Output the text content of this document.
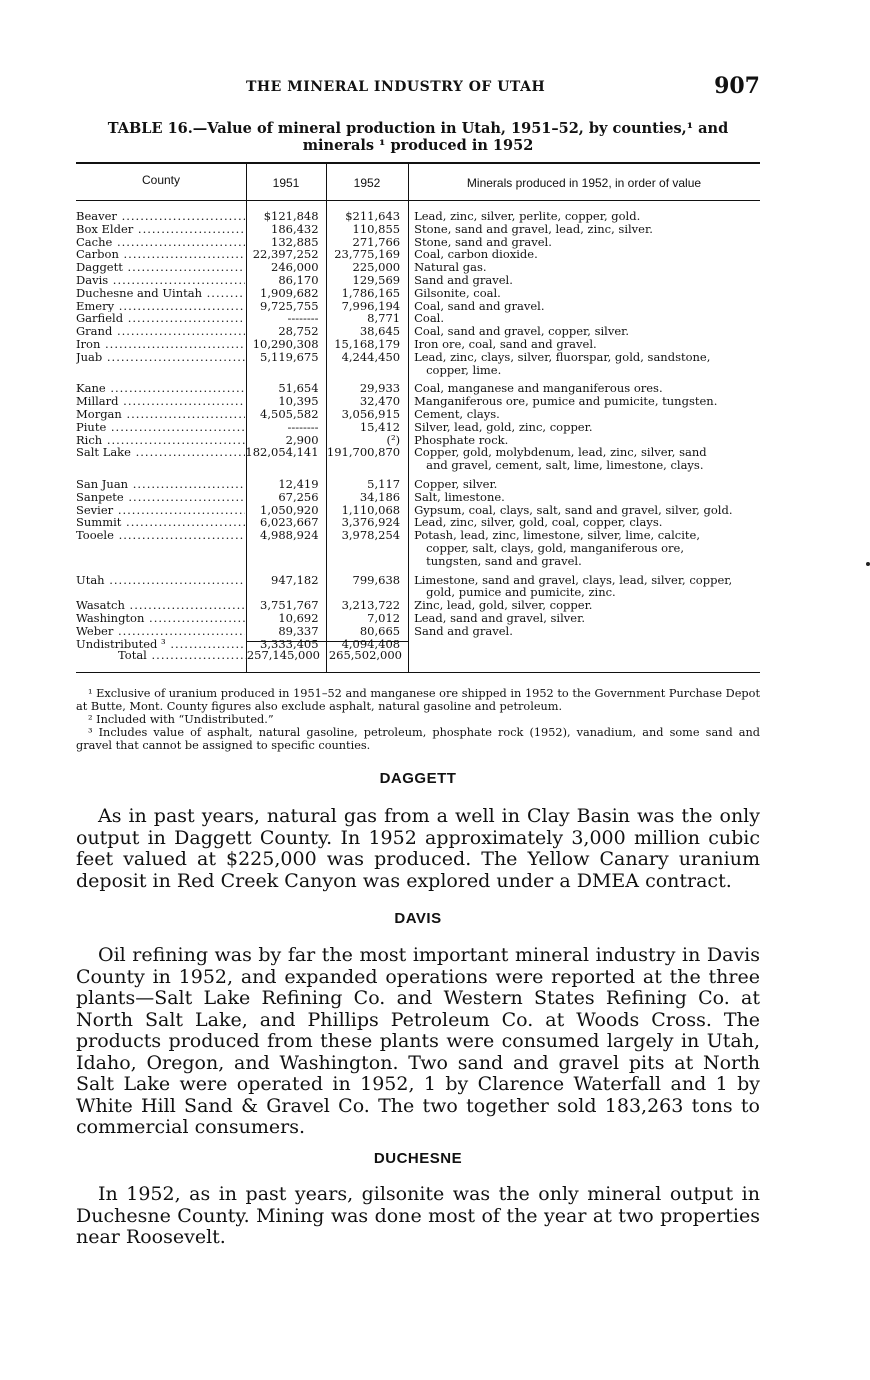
THE MINERAL INDUSTRY OF UTAH	907
TABLE 16.—Value of mineral production in Utah, 1951–52, by counties,¹ and
minerals ¹ produced in 1952
County	1951	1952	Minerals produced in 1952, in order of value
Beaver .....	$121,848	$211,643	Lead, zinc, silver, perlite, copper, gold.
Box Elder .....	186,432	110,855	Stone, sand and gravel, lead, zinc, silver.
Cache .....	132,885	271,766	Stone, sand and gravel.
Carbon .....	22,397,252	23,775,169	Coal, carbon dioxide.
Daggett .....	246,000	225,000	Natural gas.
Davis .....	86,170	129,569	Sand and gravel.
Duchesne and Uintah .....	1,909,682	1,786,165	Gilsonite, coal.
Emery .....	9,725,755	7,996,194	Coal, sand and gravel.
Garfield .....	--------	8,771	Coal.
Grand .....	28,752	38,645	Coal, sand and gravel, copper, silver.
Iron .....	10,290,308	15,168,179	Iron ore, coal, sand and gravel.
Juab .....	5,119,675	4,244,450	Lead, zinc, clays, silver, fluorspar, gold, sandstone,
copper, lime.
Kane .....	51,654	29,933	Coal, manganese and manganiferous ores.
Millard .....	10,395	32,470	Manganiferous ore, pumice and pumicite, tungsten.
Morgan .....	4,505,582	3,056,915	Cement, clays.
Piute .....	--------	15,412	Silver, lead, gold, zinc, copper.
Rich .....	2,900	(²)	Phosphate rock.
Salt Lake .....	182,054,141 191,700,870	Copper, gold, molybdenum, lead, zinc, silver, sand
and gravel, cement, salt, lime, limestone, clays.
San Juan .....	12,419	5,117	Copper, silver.
Sanpete .....	67,256	34,186	Salt, limestone.
Sevier .....	1,050,920	1,110,068	Gypsum, coal, clays, salt, sand and gravel, silver, gold.
Summit .....	6,023,667	3,376,924	Lead, zinc, silver, gold, coal, copper, clays.
Tooele .....	4,988,924	3,978,254	Potash, lead, zinc, limestone, silver, lime, calcite,
copper, salt, clays, gold, manganiferous ore,
tungsten, sand and gravel.
Utah .....	947,182	799,638	Limestone, sand and gravel, clays, lead, silver, copper,
gold, pumice and pumicite, zinc.
Wasatch .....	3,751,767	3,213,722	Zinc, lead, gold, silver, copper.
Washington .....	10,692	7,012	Lead, sand and gravel, silver.
Weber .....	89,337	80,665	Sand and gravel.
Undistributed ³ .....	3,333,405	4,094,408
Total .....	257,145,000 265,502,000

¹ Exclusive of uranium produced in 1951–52 and manganese ore shipped in 1952 to the Government Purchase Depot at Butte, Mont. County figures also exclude asphalt, natural gasoline and petroleum.

² Included with “Undistributed.”

³ Includes value of asphalt, natural gasoline, petroleum, phosphate rock (1952), vanadium, and some sand and gravel that cannot be assigned to specific counties.

DAGGETT
As in past years, natural gas from a well in Clay Basin was the only output in Daggett County. In 1952 approximately 3,000 million cubic feet valued at $225,000 was produced. The Yellow Canary uranium deposit in Red Creek Canyon was explored under a DMEA contract.
DAVIS
Oil refining was by far the most important mineral industry in Davis County in 1952, and expanded operations were reported at the three plants—Salt Lake Refining Co. and Western States Refining Co. at North Salt Lake, and Phillips Petroleum Co. at Woods Cross. The products produced from these plants were consumed largely in Utah, Idaho, Oregon, and Washington. Two sand and gravel pits at North Salt Lake were operated in 1952, 1 by Clarence Waterfall and 1 by White Hill Sand & Gravel Co. The two together sold 183,263 tons to commercial consumers.
DUCHESNE
In 1952, as in past years, gilsonite was the only mineral output in Duchesne County. Mining was done most of the year at two properties near Roosevelt.
